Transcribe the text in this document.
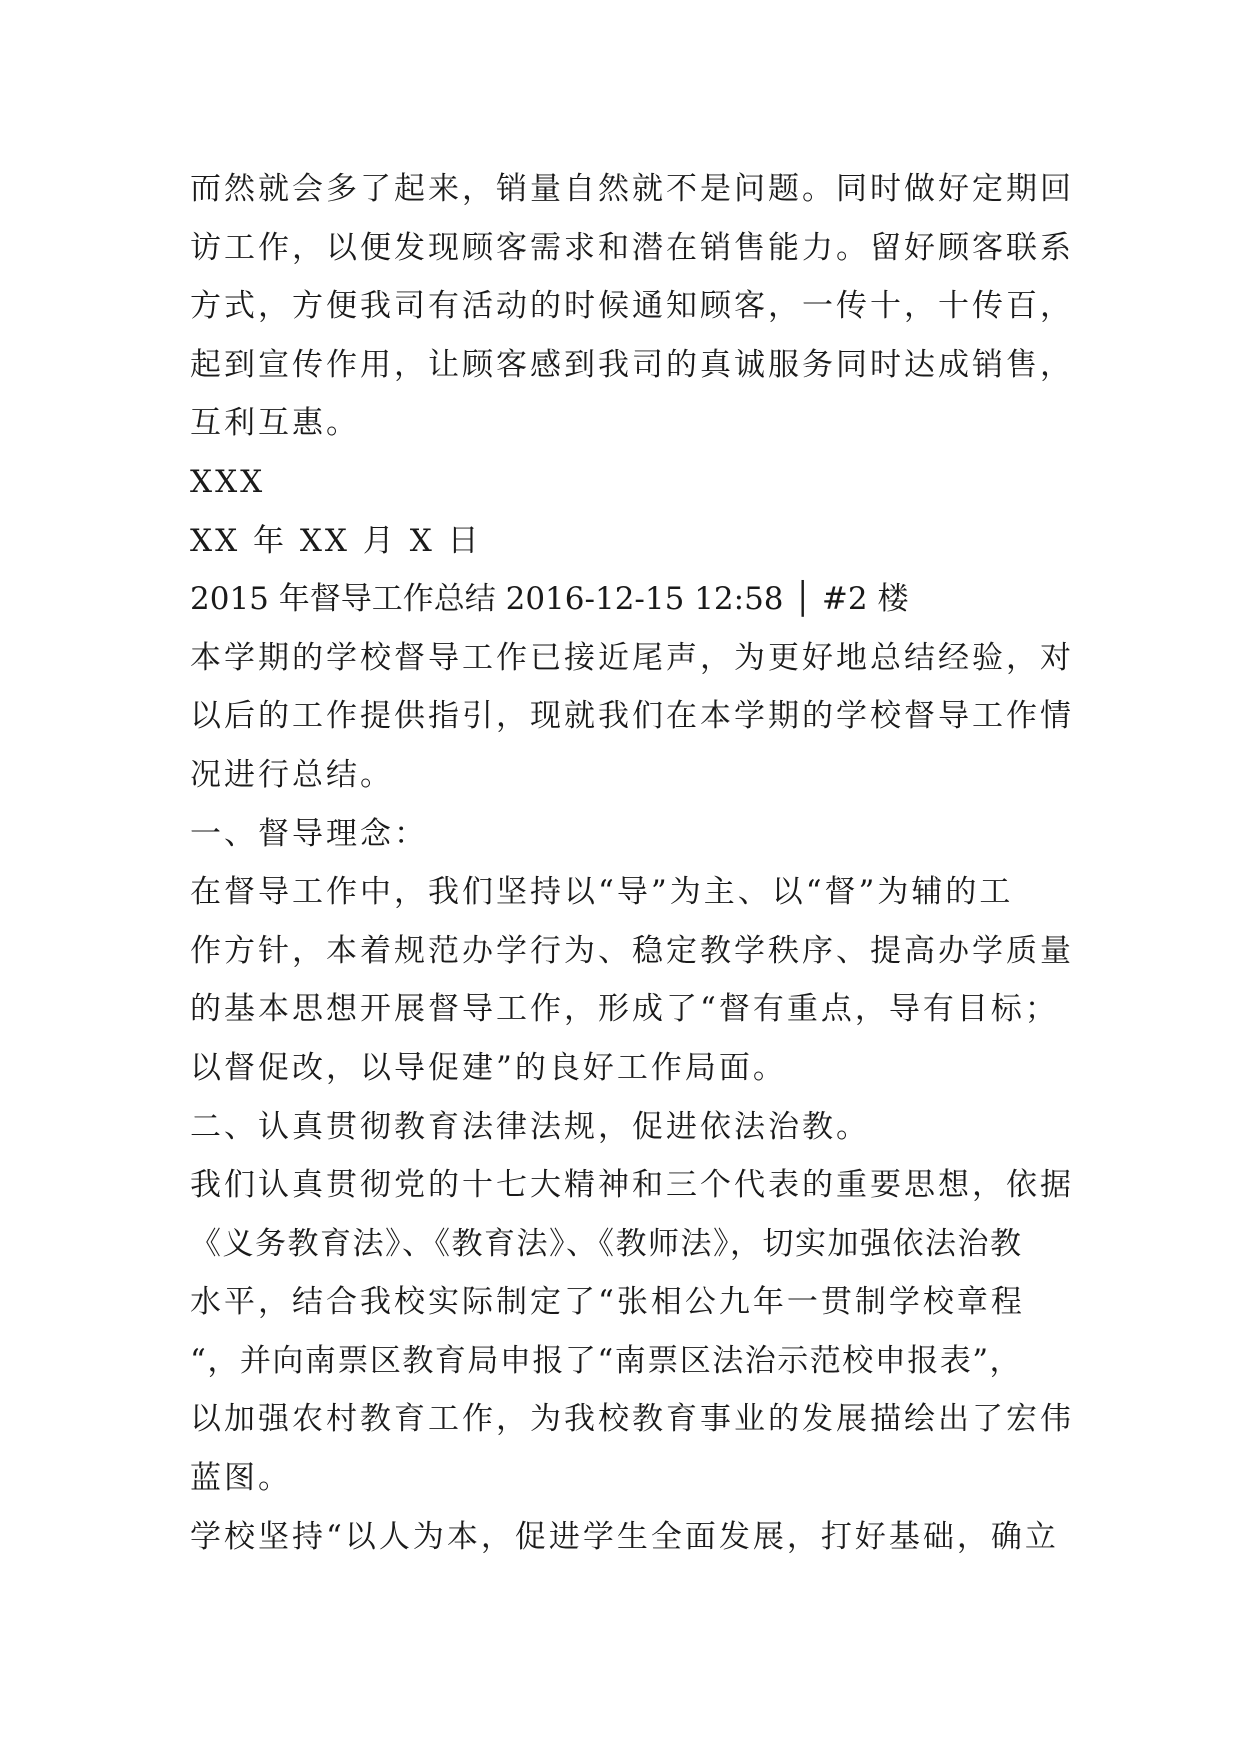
而然就会多了起来，销量自然就不是问题。同时做好定期回
访工作，以便发现顾客需求和潜在销售能力。留好顾客联系
方式，方便我司有活动的时候通知顾客，一传十，十传百，
起到宣传作用，让顾客感到我司的真诚服务同时达成销售，
互利互惠。
XXX
XX 年 XX 月 X 日
2015 年督导工作总结 2016-12-15 12:58 │ #2 楼
本学期的学校督导工作已接近尾声，为更好地总结经验，对
以后的工作提供指引，现就我们在本学期的学校督导工作情
况进行总结。
一、督导理念：
在督导工作中，我们坚持以“导”为主、以“督”为辅的工
作方针，本着规范办学行为、稳定教学秩序、提高办学质量
的基本思想开展督导工作，形成了“督有重点，导有目标；
以督促改，以导促建”的良好工作局面。
二、认真贯彻教育法律法规，促进依法治教。
我们认真贯彻党的十七大精神和三个代表的重要思想，依据
《义务教育法》、《教育法》、《教师法》，切实加强依法治教
水平，结合我校实际制定了“张相公九年一贯制学校章程
“，并向南票区教育局申报了“南票区法治示范校申报表”，
以加强农村教育工作，为我校教育事业的发展描绘出了宏伟
蓝图。
学校坚持“以人为本，促进学生全面发展，打好基础，确立
